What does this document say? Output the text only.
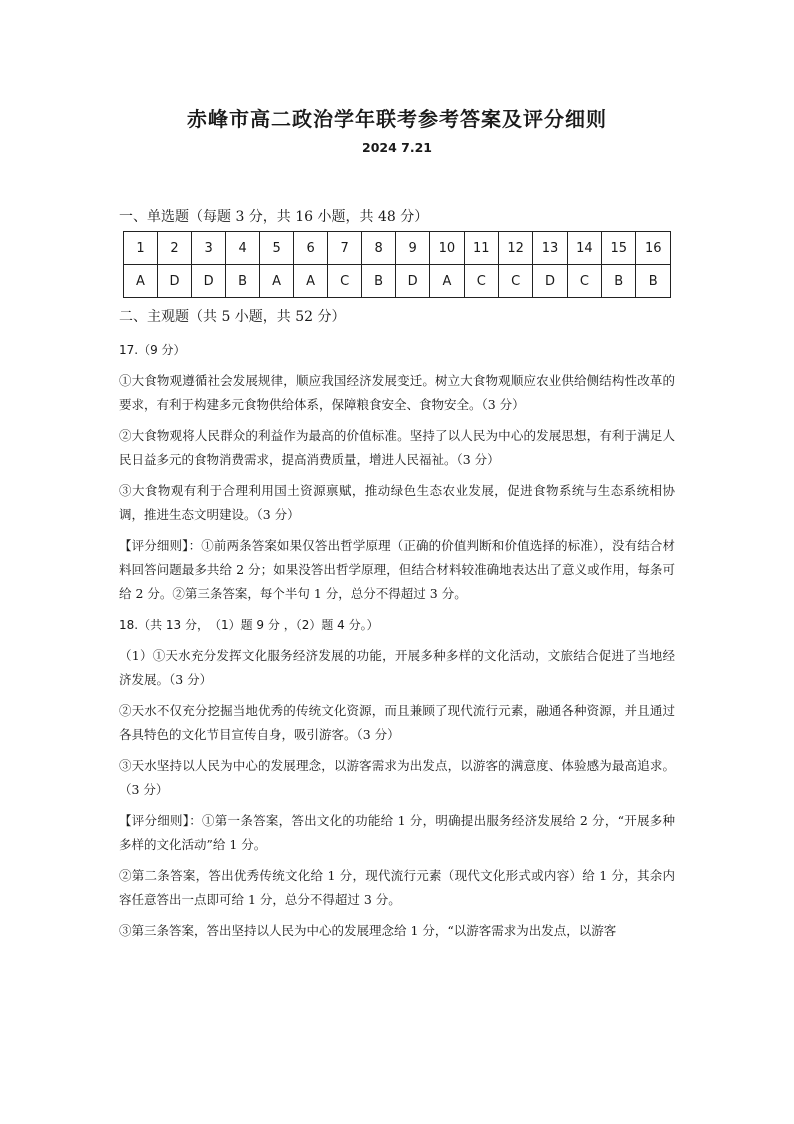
赤峰市高二政治学年联考参考答案及评分细则
2024 7.21
一、单选题（每题 3 分，共 16 小题，共 48 分）
1	2	3	4	5	6	7	8	9	10	11	12	13	14	15	16
A	D	D	B	A	A	C	B	D	A	C	C	D	C	B	B
二、主观题（共 5 小题，共 52 分）

17.（9 分）

①大食物观遵循社会发展规律，顺应我国经济发展变迁。树立大食物观顺应农业供给侧结构性改革的要求，有利于构建多元食物供给体系，保障粮食安全、食物安全。（3 分）

②大食物观将人民群众的利益作为最高的价值标准。坚持了以人民为中心的发展思想，有利于满足人民日益多元的食物消费需求，提高消费质量，增进人民福祉。（3 分）

③大食物观有利于合理利用国土资源禀赋，推动绿色生态农业发展，促进食物系统与生态系统相协调，推进生态文明建设。（3 分）

【评分细则】：①前两条答案如果仅答出哲学原理（正确的价值判断和价值选择的标准），没有结合材料回答问题最多共给 2 分；如果没答出哲学原理，但结合材料较准确地表达出了意义或作用，每条可给 2 分。②第三条答案，每个半句 1 分，总分不得超过 3 分。

18.（共 13 分，　（1）题 9 分 ，（2）题 4 分。）

（1）①天水充分发挥文化服务经济发展的功能，开展多种多样的文化活动，文旅结合促进了当地经济发展。（3 分）

②天水不仅充分挖掘当地优秀的传统文化资源，而且兼顾了现代流行元素，融通各种资源，并且通过各具特色的文化节目宣传自身，吸引游客。（3 分）

③天水坚持以人民为中心的发展理念，以游客需求为出发点，以游客的满意度、体验感为最高追求。（3 分）

【评分细则】：①第一条答案，答出文化的功能给 1 分，明确提出服务经济发展给 2 分，“开展多种多样的文化活动”给 1 分。

②第二条答案，答出优秀传统文化给 1 分，现代流行元素（现代文化形式或内容）给 1 分，其余内容任意答出一点即可给 1 分，总分不得超过 3 分。

③第三条答案，答出坚持以人民为中心的发展理念给 1 分，“以游客需求为出发点，以游客
